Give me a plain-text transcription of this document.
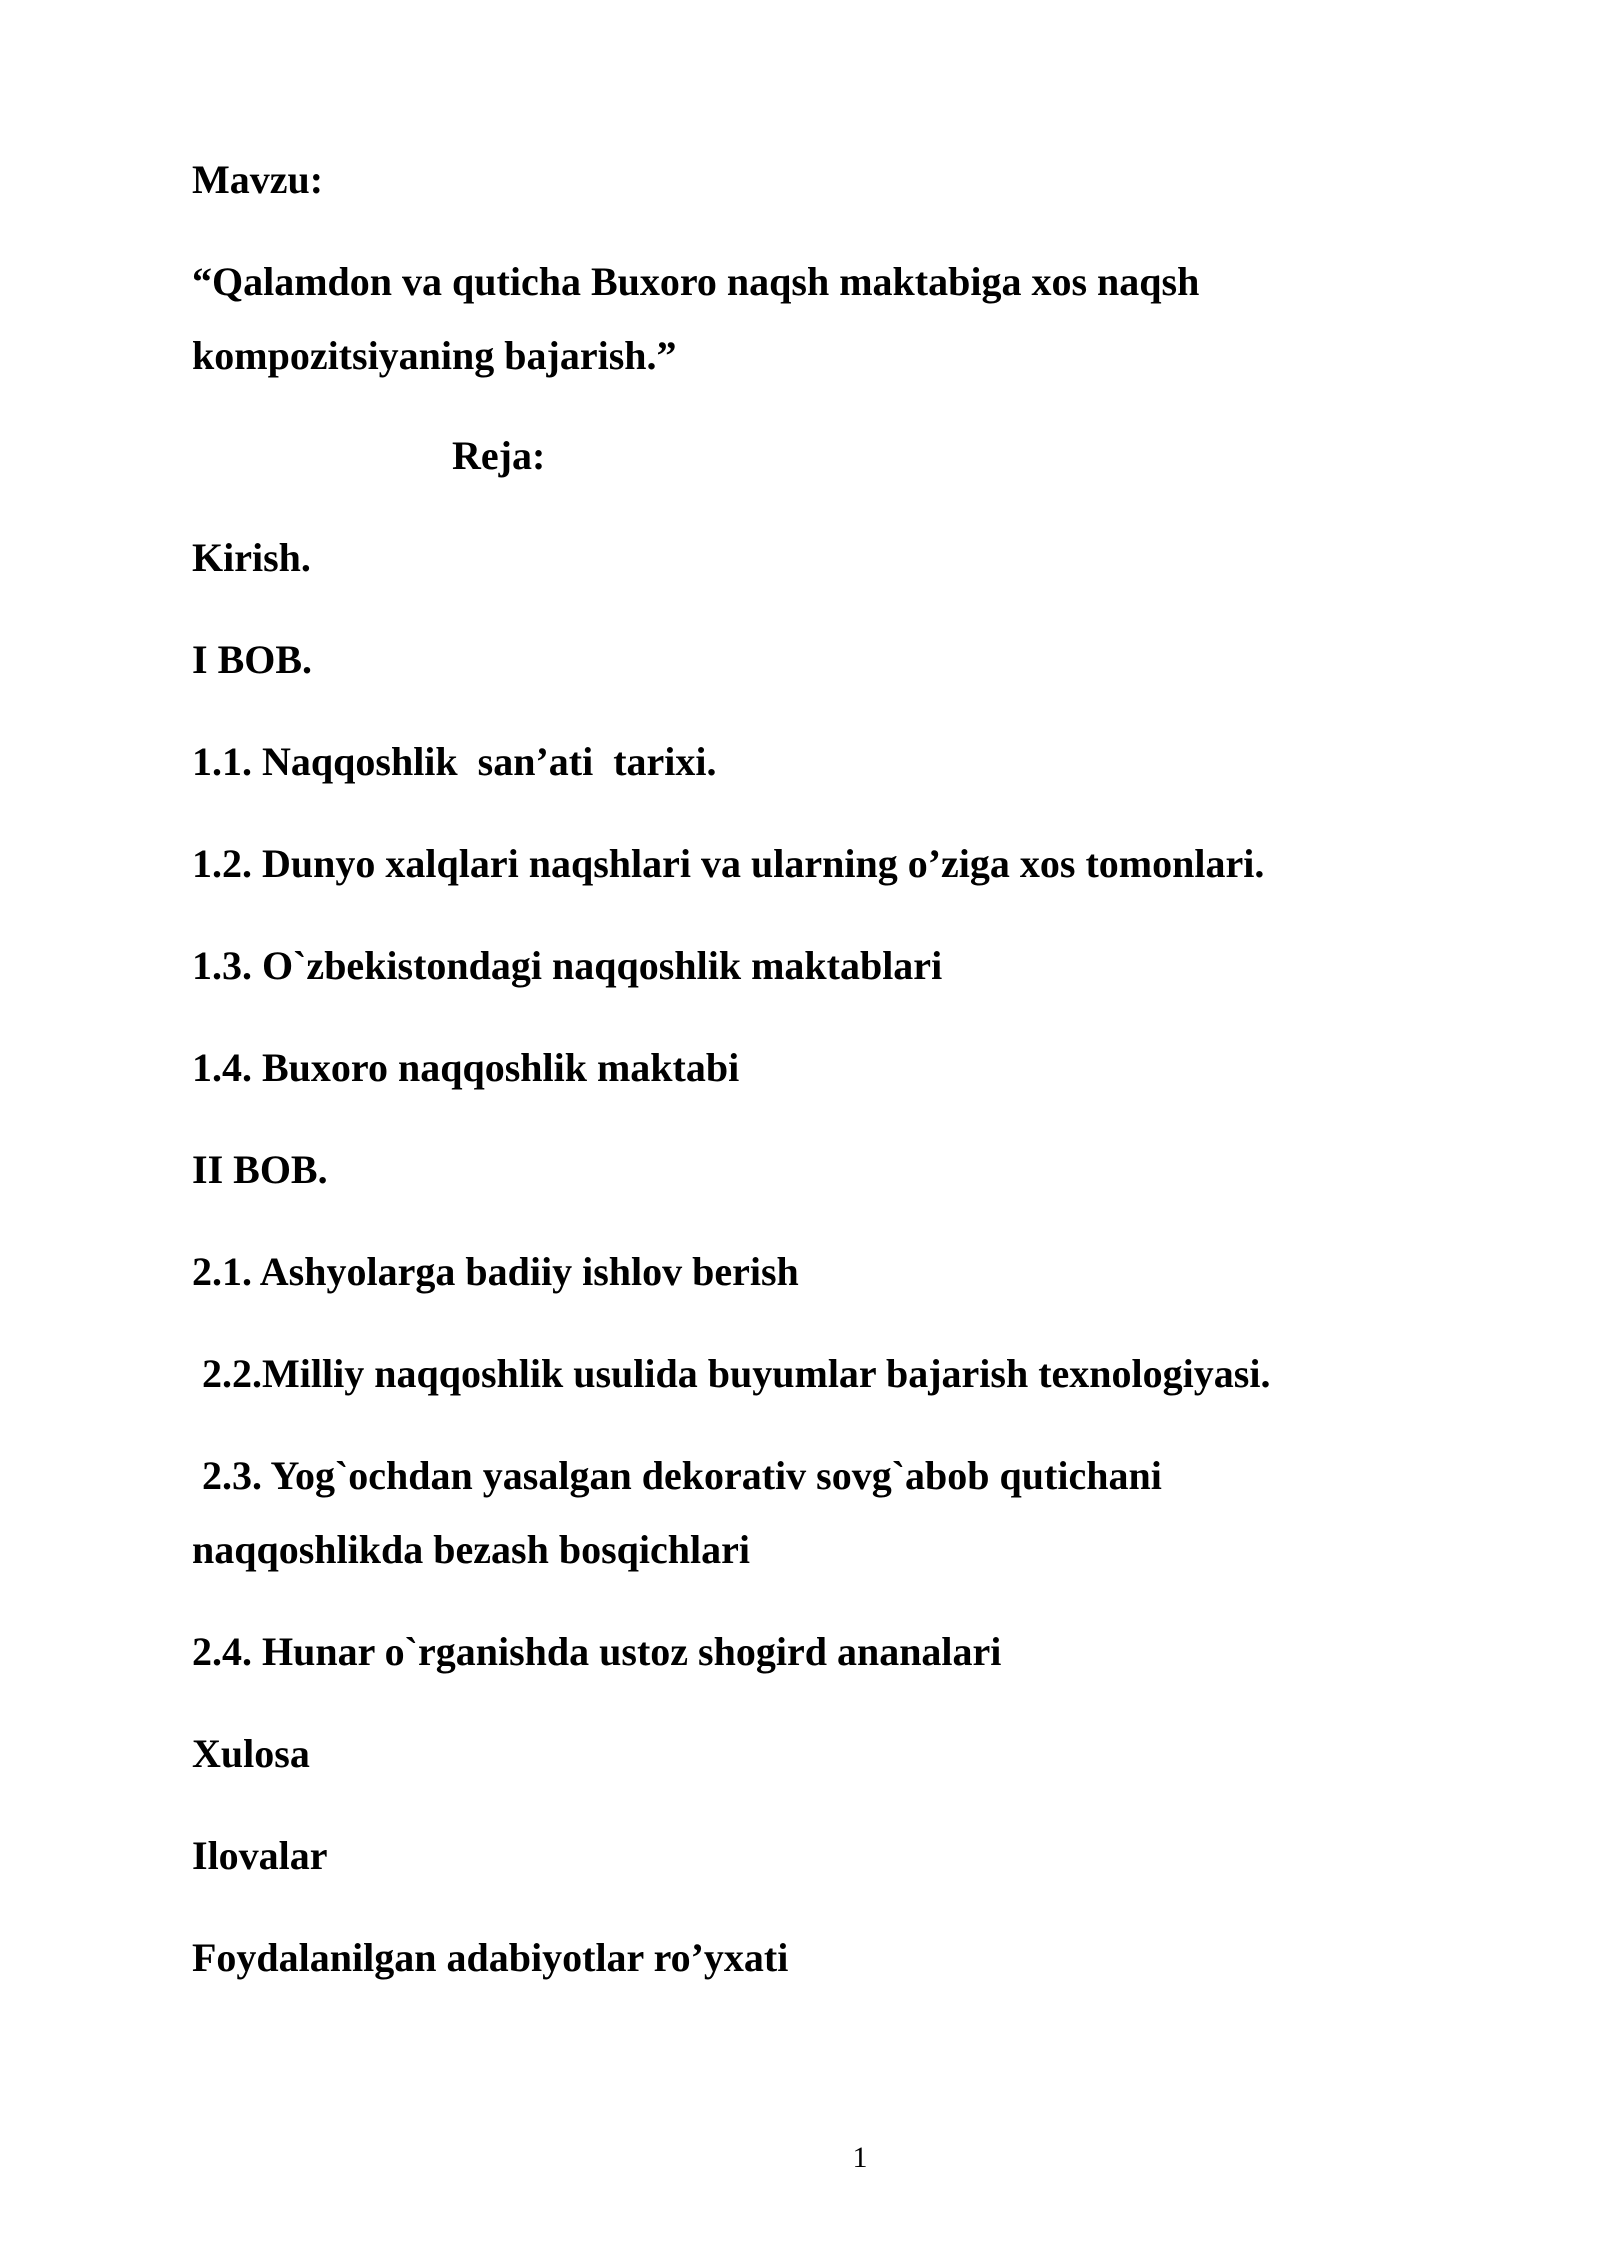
Mavzu:

“Qalamdon va quticha Buxoro naqsh maktabiga xos naqsh

kompozitsiyaning bajarish.”

Reja:

Kirish.

I BOB.

1.1. Naqqoshlik  san’ati  tarixi.

1.2. Dunyo xalqlari naqshlari va ularning o’ziga xos tomonlari.

1.3. O`zbekistondagi naqqoshlik maktablari

1.4. Buxoro naqqoshlik maktabi

II BOB.

2.1. Ashyolarga badiiy ishlov berish

2.2.Milliy naqqoshlik usulida buyumlar bajarish texnologiyasi.

2.3. Yog`ochdan yasalgan dekorativ sovg`abob qutichani

naqqoshlikda bezash bosqichlari

2.4. Hunar o`rganishda ustoz shogird ananalari

Xulosa

Ilovalar

Foydalanilgan adabiyotlar ro’yxati

1
